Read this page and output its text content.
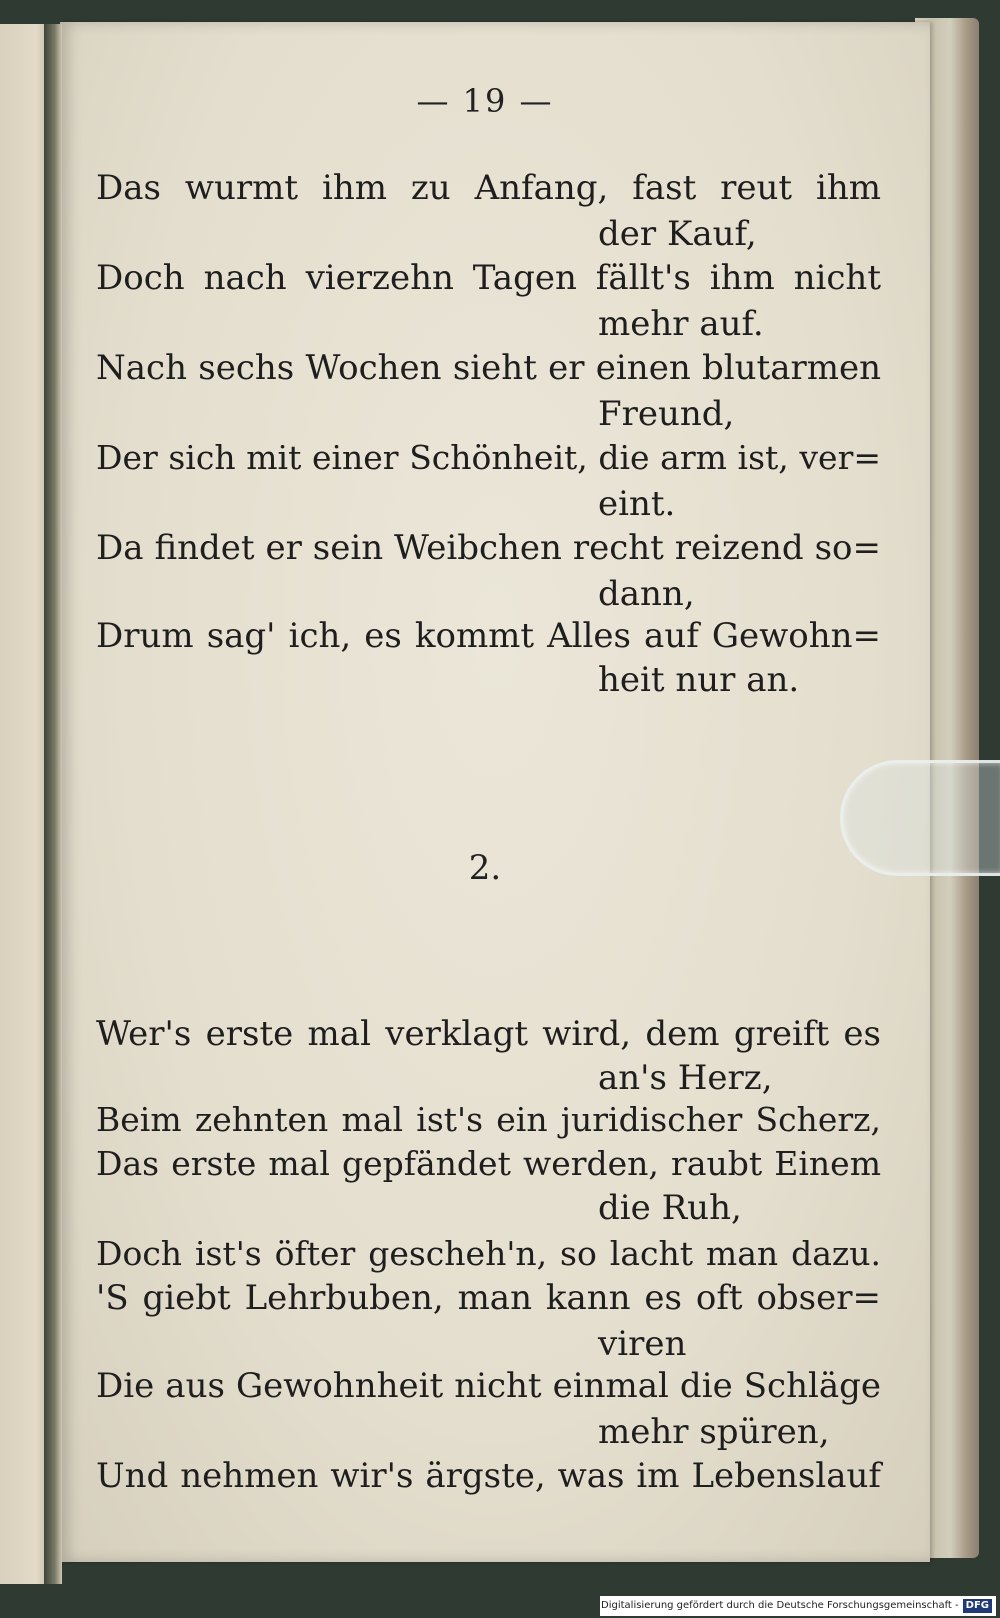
— 19 —
Das wurmt ihm zu Anfang, fast reut ihm
der Kauf,
Doch nach vierzehn Tagen fällt's ihm nicht
mehr auf.
Nach sechs Wochen sieht er einen blutarmen
Freund,
Der sich mit einer Schönheit, die arm ist, ver=
eint.
Da findet er sein Weibchen recht reizend so=
dann,
Drum sag' ich, es kommt Alles auf Gewohn=
heit nur an.
2.
Wer's erste mal verklagt wird, dem greift es
an's Herz,
Beim zehnten mal ist's ein juridischer Scherz,
Das erste mal gepfändet werden, raubt Einem
die Ruh,
Doch ist's öfter gescheh'n, so lacht man dazu.
'S giebt Lehrbuben, man kann es oft obser=
viren
Die aus Gewohnheit nicht einmal die Schläge
mehr spüren,
Und nehmen wir's ärgste, was im Lebenslauf
Digitalisierung gefördert durch die Deutsche Forschungsgemeinschaft - DFG
